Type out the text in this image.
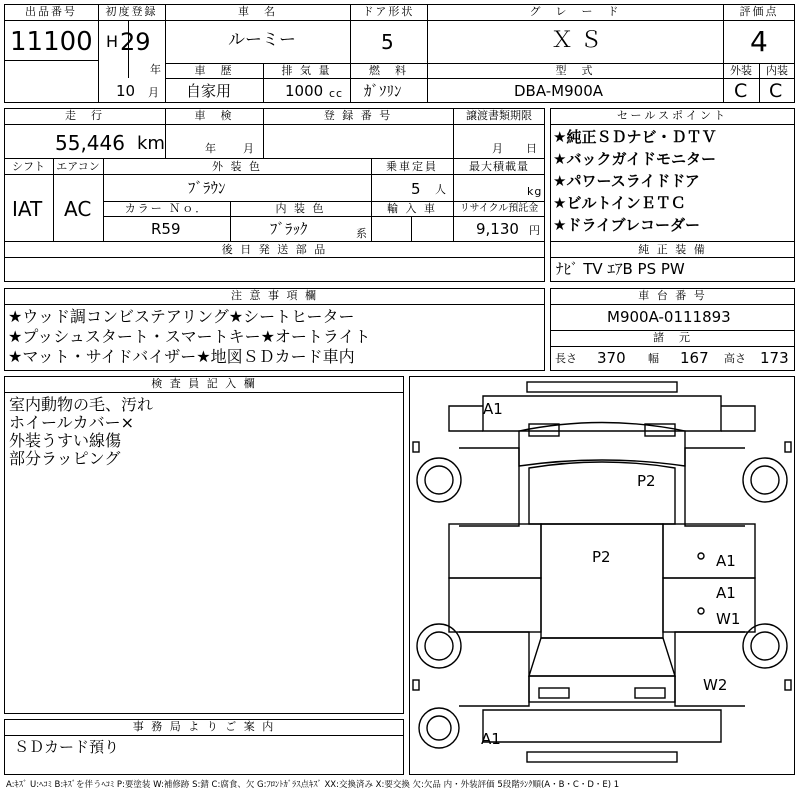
出品番号
11100
初度登録
H 29
年
10 月
車　名
ルーミー
ドア形状
5
グ　レ　ー　ド
Ｘ Ｓ
評価点
4
車　歴
自家用
排 気 量
1000 cc
燃　料
ｶﾞｿﾘﾝ
型　式
DBA-M900A
外装
C
内装
C
走　行
55,446 km
車　検
年 月
登 録 番 号	譲渡書類期限
月 日
シフト
IAT
エアコン
AC
外 装 色
ﾌﾞﾗｳﾝ
乗車定員
5 人
最大積載量
kg
カラー Ｎｏ．
R59
内 装 色
ﾌﾞﾗｯｸ	系
輸 入 車	リサイクル預託金
9,130 円
後 日 発 送 部 品
セールスポイント
★純正ＳＤナビ・ＤＴＶ
★バックガイドモニター
★パワースライドドア
★ビルトインＥＴＣ
★ドライブレコーダー
純 正 装 備
ﾅﾋﾞ TV ｴｱB PS PW
注 意 事 項 欄
★ウッド調コンビステアリング★シートヒーター
★プッシュスタート・スマートキー★オートライト
★マット・サイドバイザー★地図ＳＤカード車内
車 台 番 号
M900A-0111893
諸　元
長さ 370 幅 167 高さ 173
検 査 員 記 入 欄
室内動物の毛、汚れ
ホイールカバー×
外装うすい線傷
部分ラッピング
事 務 局 よ り ご 案 内
ＳＤカード預り
A1
P2
P2	A1
A1
W1
W2
A1
A:ｷｽﾞ U:ﾍｺﾐ B:ｷｽﾞを伴うﾍｺﾐ P:要塗装 W:補修跡 S:錆 C:腐食、欠 G:ﾌﾛﾝﾄｶﾞﾗｽ点ｷｽﾞ XX:交換済み X:要交換 欠:欠品 内・外装評価 5段階ﾗﾝｸ順(A・B・C・D・E) 1
